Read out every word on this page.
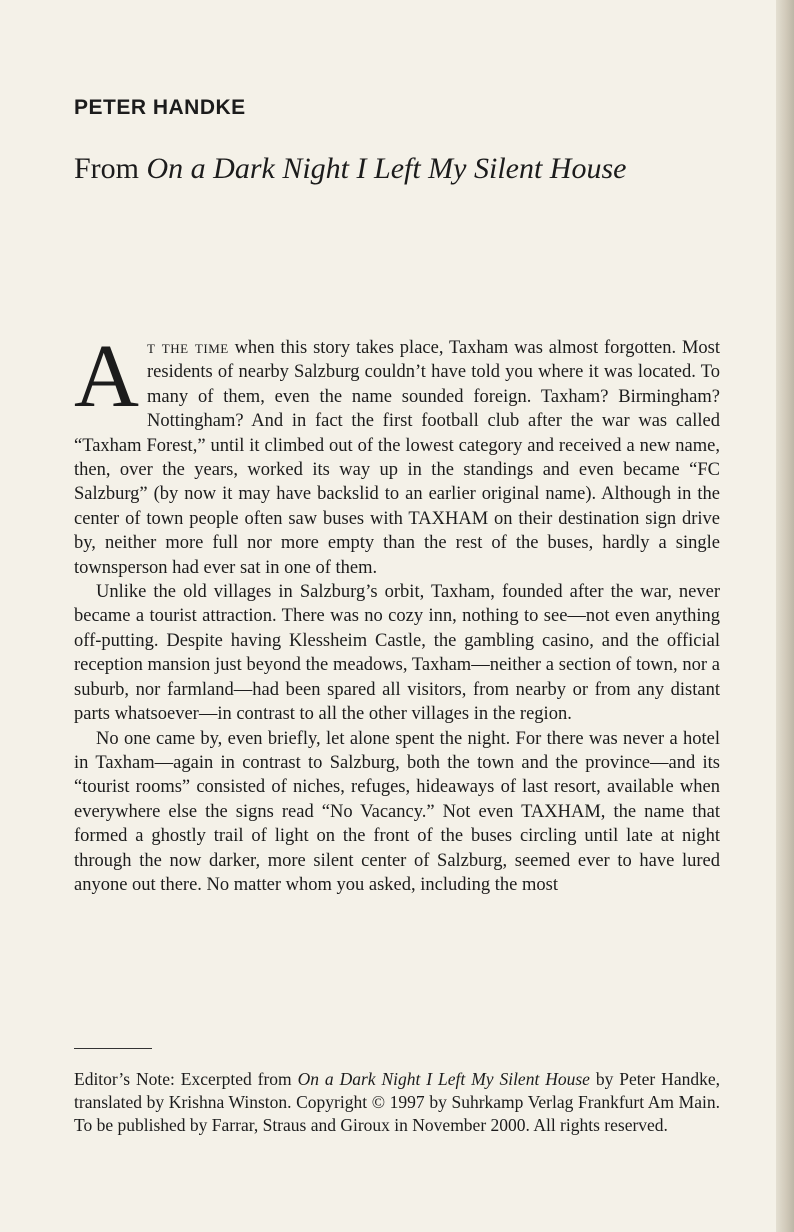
PETER HANDKE
From On a Dark Night I Left My Silent House

At the time when this story takes place, Taxham was almost forgotten. Most residents of nearby Salzburg couldn’t have told you where it was located. To many of them, even the name sounded foreign. Taxham? Birmingham? Nottingham? And in fact the first football club after the war was called “Taxham Forest,” until it climbed out of the lowest category and received a new name, then, over the years, worked its way up in the standings and even became “FC Salzburg” (by now it may have backslid to an earlier original name). Although in the center of town people often saw buses with TAXHAM on their destination sign drive by, neither more full nor more empty than the rest of the buses, hardly a single townsperson had ever sat in one of them.

Unlike the old villages in Salzburg’s orbit, Taxham, founded after the war, never became a tourist attraction. There was no cozy inn, nothing to see—not even anything off-putting. Despite having Klessheim Castle, the gambling casino, and the official reception mansion just beyond the meadows, Taxham—neither a section of town, nor a suburb, nor farmland—had been spared all visitors, from nearby or from any distant parts whatsoever—in contrast to all the other villages in the region.

No one came by, even briefly, let alone spent the night. For there was never a hotel in Taxham—again in contrast to Salzburg, both the town and the province—and its “tourist rooms” consisted of niches, refuges, hideaways of last resort, available when everywhere else the signs read “No Vacancy.” Not even TAXHAM, the name that formed a ghostly trail of light on the front of the buses circling until late at night through the now darker, more silent center of Salzburg, seemed ever to have lured anyone out there. No matter whom you asked, including the most

Editor’s Note: Excerpted from On a Dark Night I Left My Silent House by Peter Handke, translated by Krishna Winston. Copyright © 1997 by Suhrkamp Verlag Frankfurt Am Main. To be published by Farrar, Straus and Giroux in November 2000. All rights reserved.
